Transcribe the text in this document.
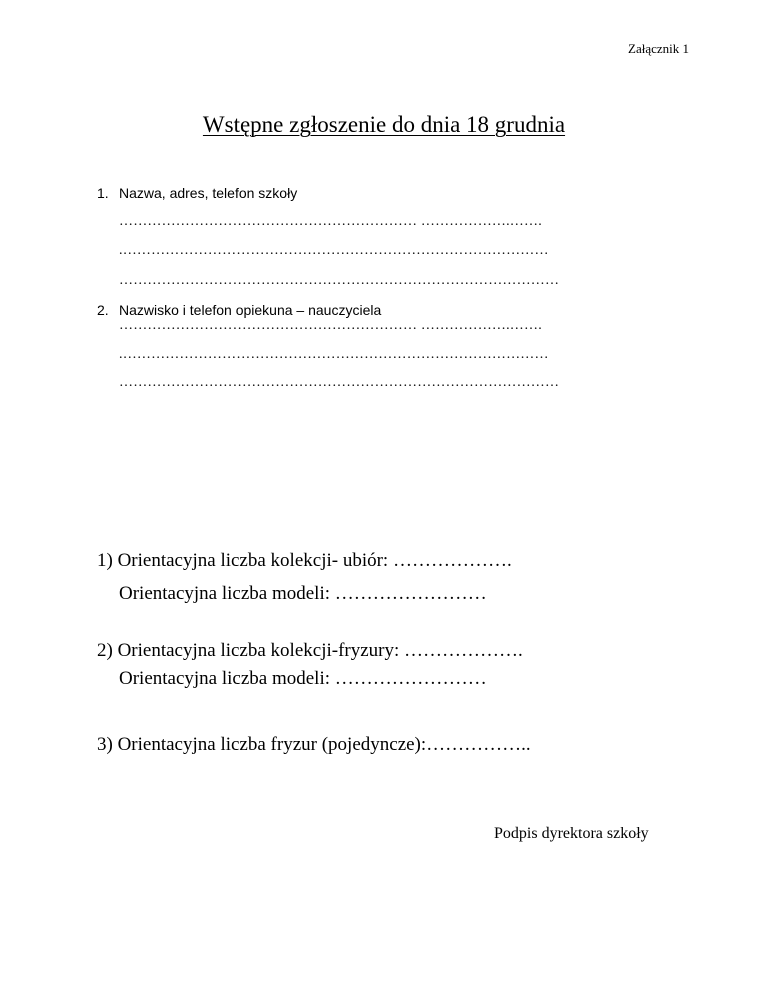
Załącznik 1
Wstępne zgłoszenie do dnia 18 grudnia
1. Nazwa, adres, telefon szkoły
……………………………………………………… ……………….…….
.………………………………………………………………………………
…………………………………………………………………………………
2. Nazwisko i telefon opiekuna – nauczyciela
……………………………………………………… ……………….…….
.………………………………………………………………………………
…………………………………………………………………………………
1) Orientacyjna liczba kolekcji- ubiór: ……………….
Orientacyjna liczba modeli: ……………………
2) Orientacyjna liczba kolekcji-fryzury: ……………….
Orientacyjna liczba modeli: ……………………
3) Orientacyjna liczba fryzur (pojedyncze):……………..
Podpis dyrektora szkoły
